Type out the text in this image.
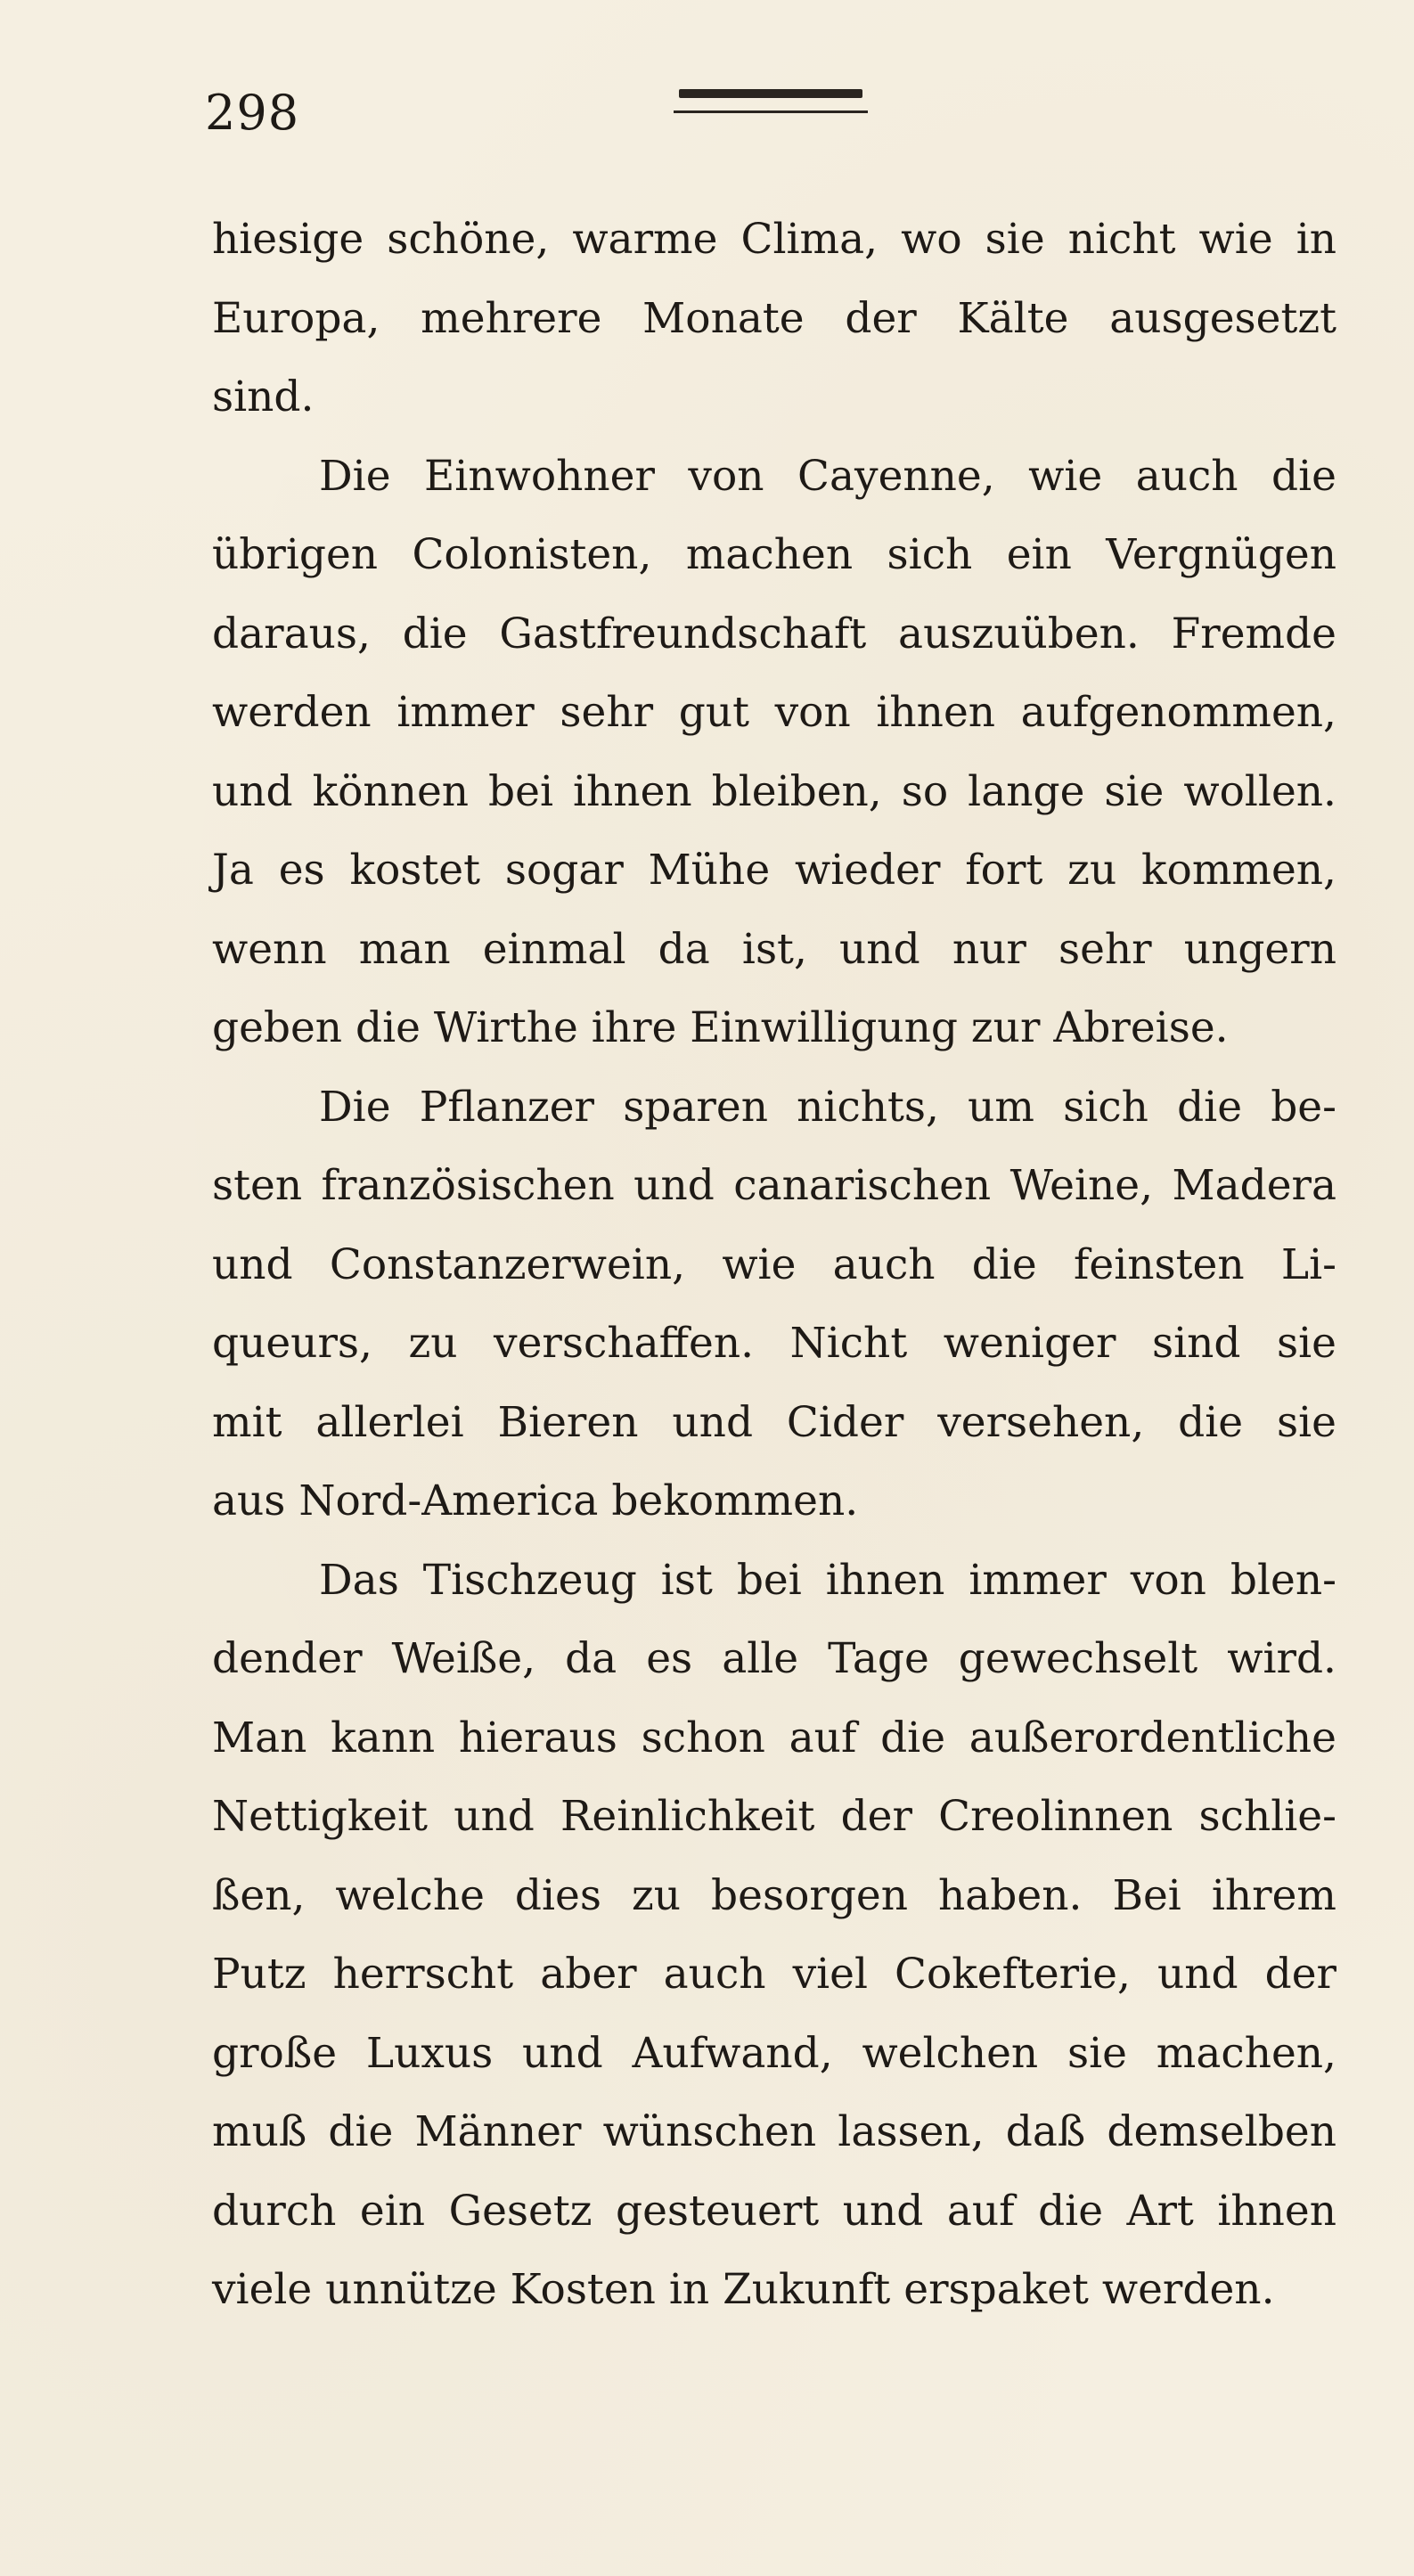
298
hiesige schöne, warme Clima, wo sie nicht wie in
Europa, mehrere Monate der Kälte ausgesetzt
sind.
Die Einwohner von Cayenne, wie auch die
übrigen Colonisten, machen sich ein Vergnügen
daraus, die Gastfreundschaft auszuüben. Fremde
werden immer sehr gut von ihnen aufgenommen,
und können bei ihnen bleiben, so lange sie wollen.
Ja es kostet sogar Mühe wieder fort zu kommen,
wenn man einmal da ist, und nur sehr ungern
geben die Wirthe ihre Einwilligung zur Abreise.
Die Pflanzer sparen nichts, um sich die be-
sten französischen und canarischen Weine, Madera
und Constanzerwein, wie auch die feinsten Li-
queurs, zu verschaffen. Nicht weniger sind sie
mit allerlei Bieren und Cider versehen, die sie
aus Nord-America bekommen.
Das Tischzeug ist bei ihnen immer von blen-
dender Weiße, da es alle Tage gewechselt wird.
Man kann hieraus schon auf die außerordentliche
Nettigkeit und Reinlichkeit der Creolinnen schlie-
ßen, welche dies zu besorgen haben. Bei ihrem
Putz herrscht aber auch viel Cokefterie, und der
große Luxus und Aufwand, welchen sie machen,
muß die Männer wünschen lassen, daß demselben
durch ein Gesetz gesteuert und auf die Art ihnen
viele unnütze Kosten in Zukunft erspaket werden.
